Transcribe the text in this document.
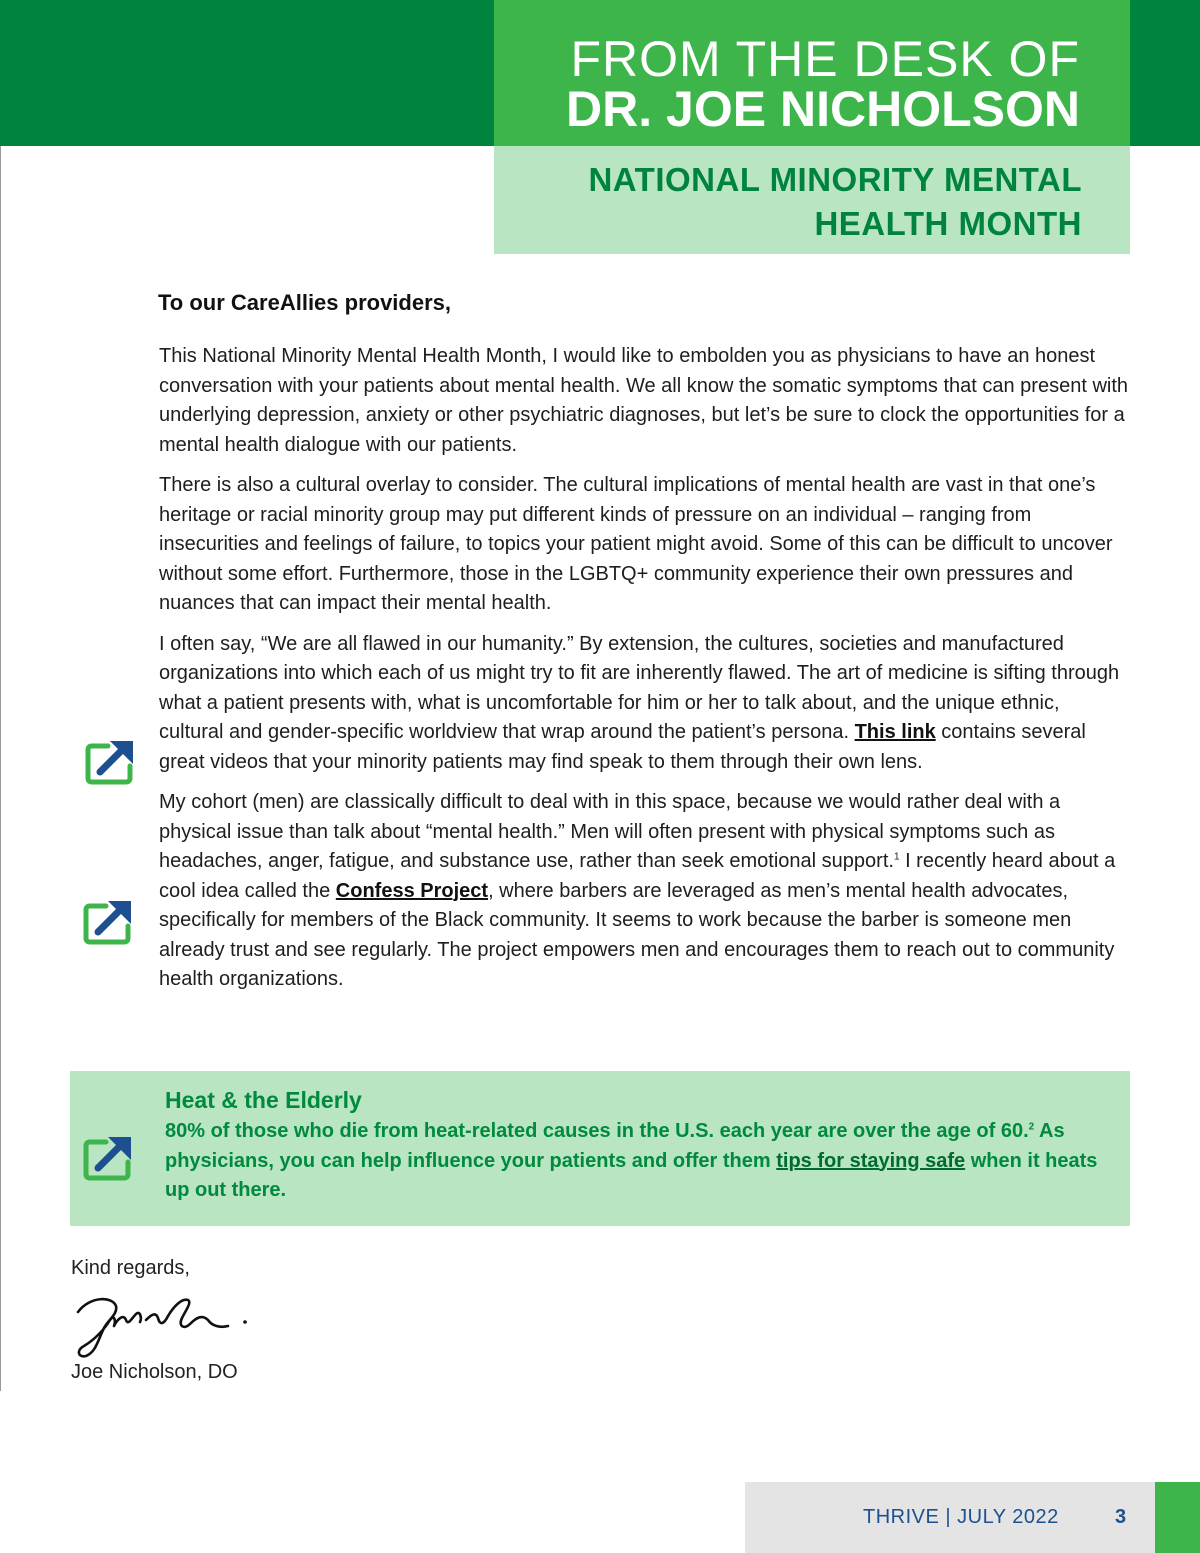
FROM THE DESK OF
DR. JOE NICHOLSON
NATIONAL MINORITY MENTAL
HEALTH MONTH
To our CareAllies providers,

This National Minority Mental Health Month, I would like to embolden you as physicians to have an honest conversation with your patients about mental health. We all know the somatic symptoms that can present with underlying depression, anxiety or other psychiatric diagnoses, but let’s be sure to clock the opportunities for a mental health dialogue with our patients.

There is also a cultural overlay to consider. The cultural implications of mental health are vast in that one’s heritage or racial minority group may put different kinds of pressure on an individual – ranging from insecurities and feelings of failure, to topics your patient might avoid. Some of this can be difficult to uncover without some effort. Furthermore, those in the LGBTQ+ community experience their own pressures and nuances that can impact their mental health.

I often say, “We are all flawed in our humanity.” By extension, the cultures, societies and manufactured organizations into which each of us might try to fit are inherently flawed. The art of medicine is sifting through what a patient presents with, what is uncomfortable for him or her to talk about, and the unique ethnic, cultural and gender-specific worldview that wrap around the patient’s persona. This link contains several great videos that your minority patients may find speak to them through their own lens.

My cohort (men) are classically difficult to deal with in this space, because we would rather deal with a physical issue than talk about “mental health.” Men will often present with physical symptoms such as headaches, anger, fatigue, and substance use, rather than seek emotional support.$^1$ I recently heard about a cool idea called the Confess Project, where barbers are leveraged as men’s mental health advocates, specifically for members of the Black community. It seems to work because the barber is someone men already trust and see regularly. The project empowers men and encourages them to reach out to community health organizations.

Heat & the Elderly
80% of those who die from heat-related causes in the U.S. each year are over the age of 60.$^2$ As physicians, you can help influence your patients and offer them tips for staying safe when it heats up out there.
Kind regards,
Joe Nicholson, DO
THRIVE | JULY 2022	3
